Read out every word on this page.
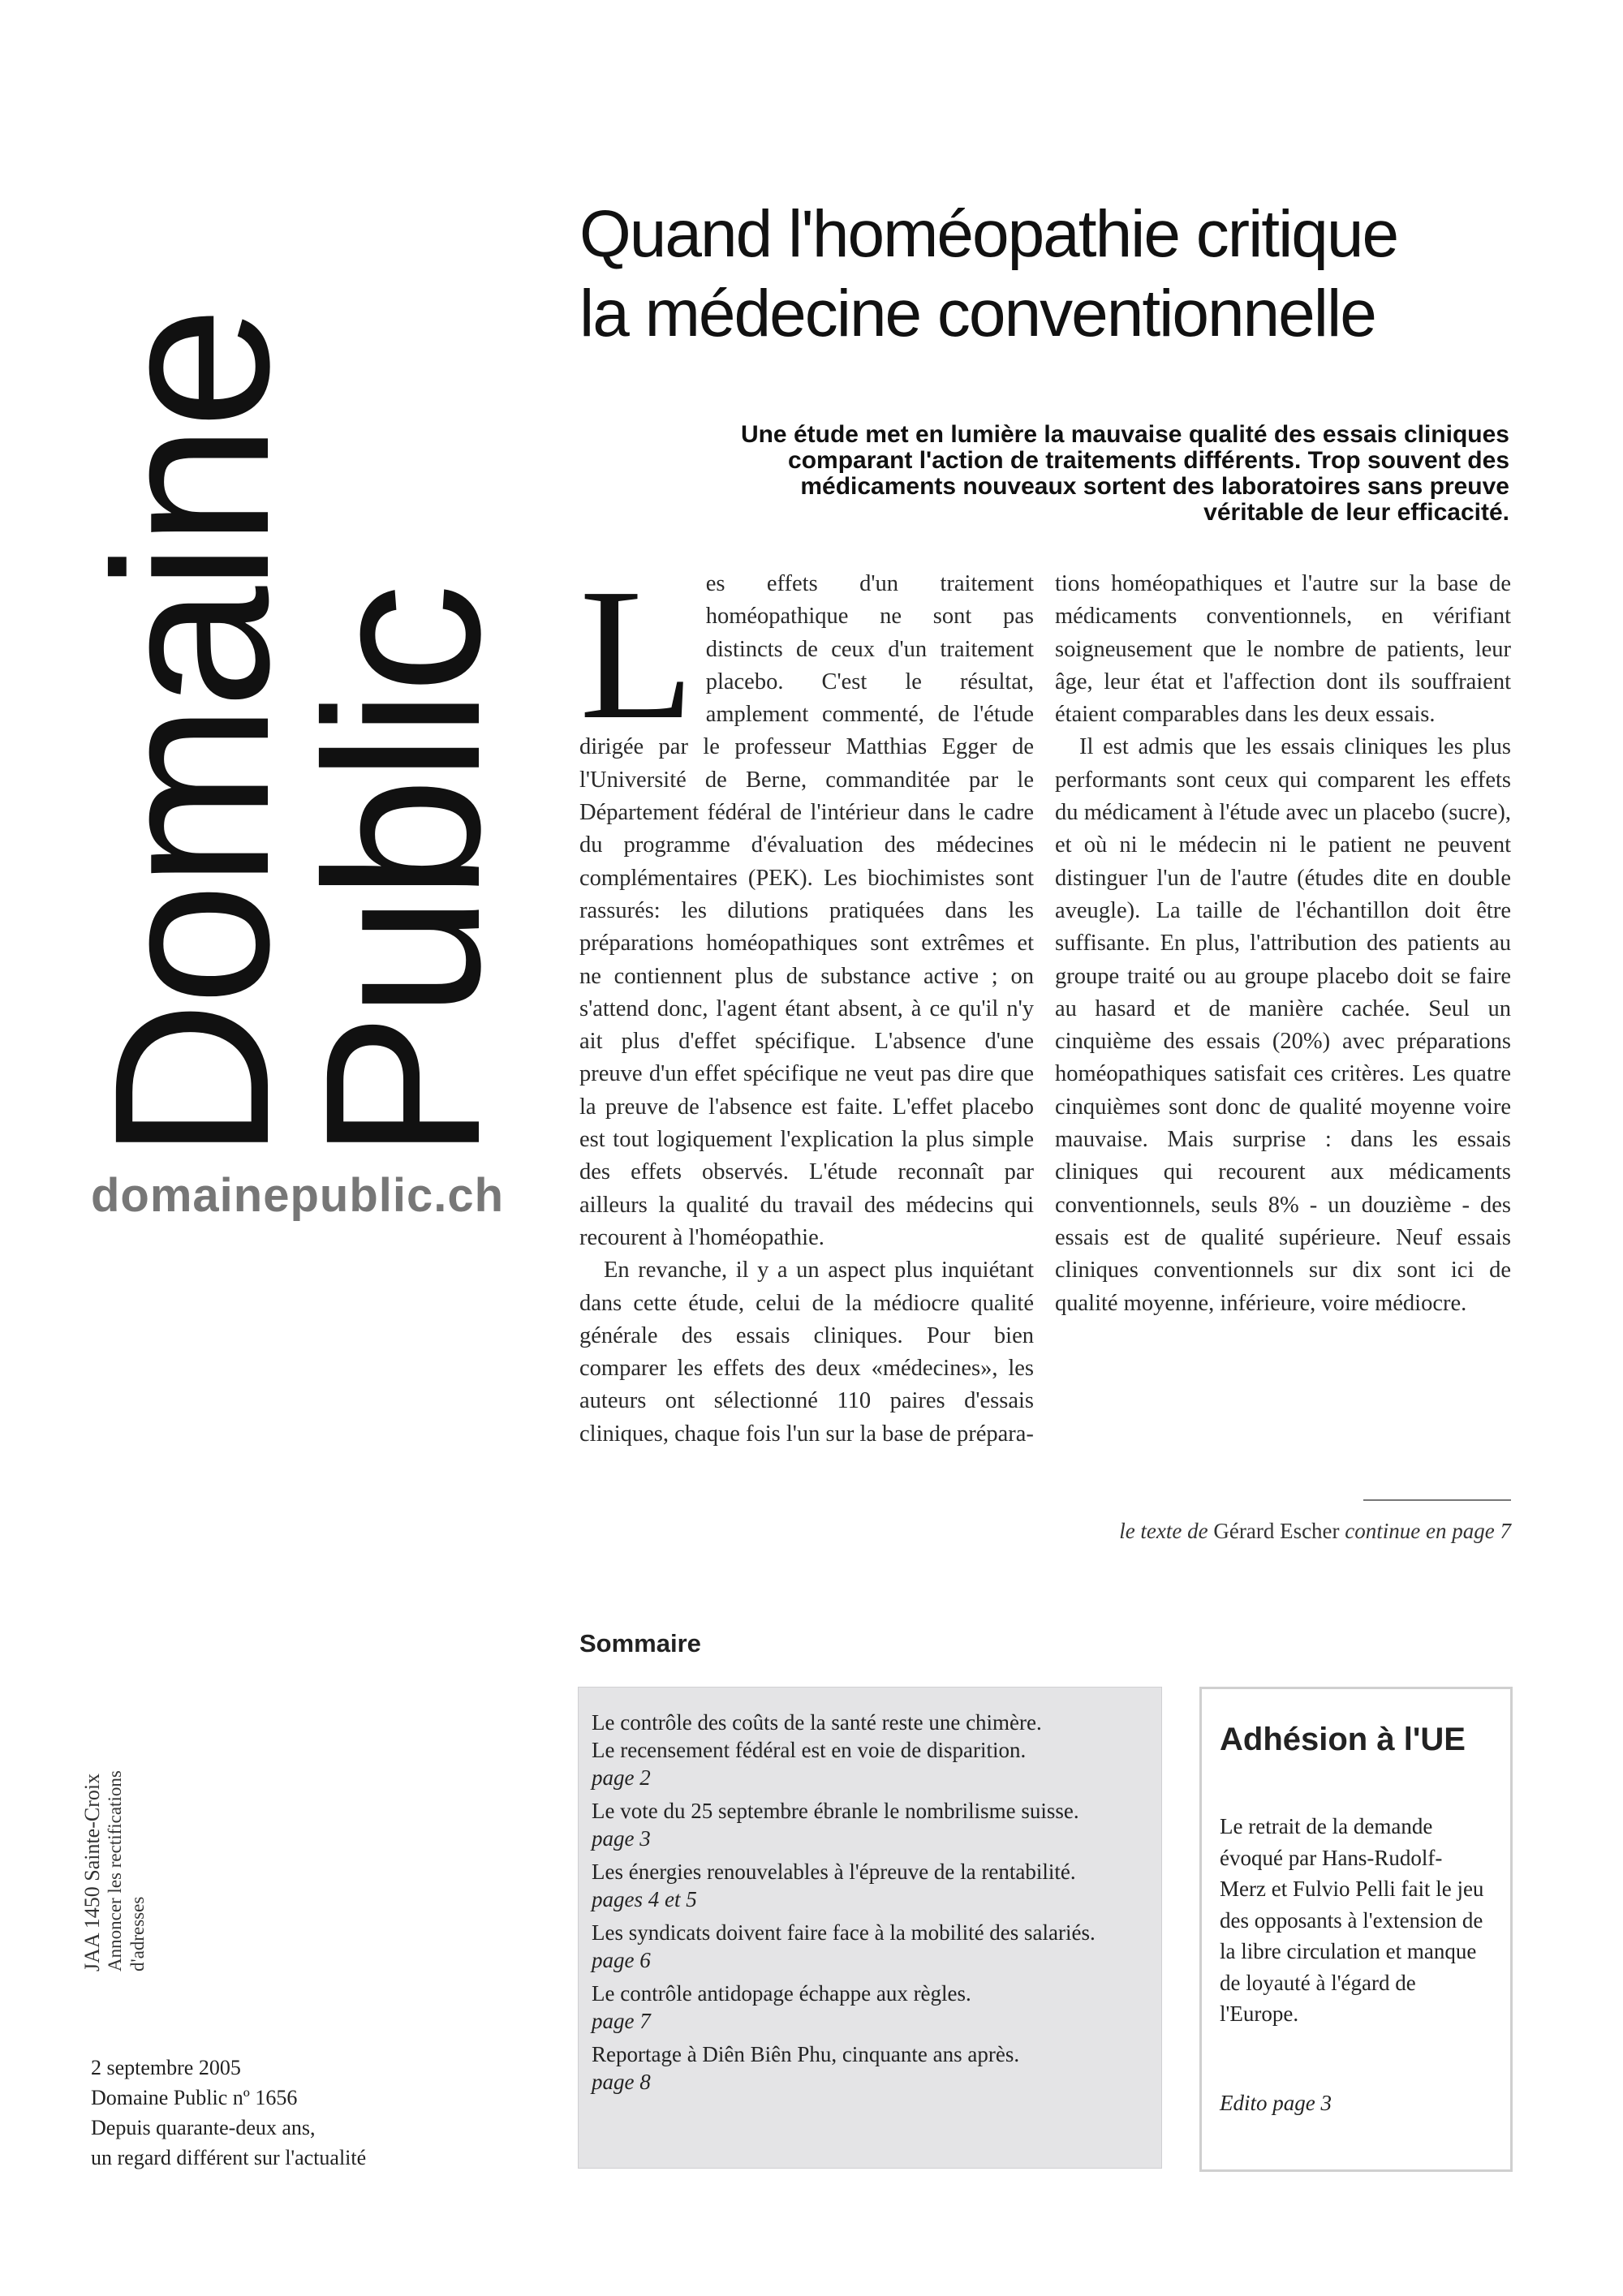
Domaine
Public
domainepublic.ch
JAA 1450 Sainte-Croix Annoncer les rectifications d'adresses
2 septembre 2005
Domaine Public nº 1656
Depuis quarante-deux ans,
un regard différent sur l'actualité
Quand l'homéopathie critique
la médecine conventionnelle
Une étude met en lumière la mauvaise qualité des essais cliniques comparant l'action de traitements différents. Trop souvent des médicaments nouveaux sortent des laboratoires sans preuve véritable de leur efficacité.

Les effets d'un traitement homéopathique ne sont pas distincts de ceux d'un traitement placebo. C'est le résultat, amplement commenté, de l'étude dirigée par le professeur Matthias Egger de l'Université de Berne, commanditée par le Département fédéral de l'intérieur dans le cadre du programme d'évaluation des médecines complémentaires (PEK). Les biochimistes sont rassurés: les dilutions pratiquées dans les préparations homéopathiques sont extrêmes et ne contiennent plus de substance active ; on s'attend donc, l'agent étant absent, à ce qu'il n'y ait plus d'effet spécifique. L'absence d'une preuve d'un effet spécifique ne veut pas dire que la preuve de l'absence est faite. L'effet placebo est tout logiquement l'explication la plus simple des effets observés. L'étude reconnaît par ailleurs la qualité du travail des médecins qui recourent à l'homéopathie.

En revanche, il y a un aspect plus inquiétant dans cette étude, celui de la médiocre qualité générale des essais cliniques. Pour bien comparer les effets des deux «médecines», les auteurs ont sélectionné 110 paires d'essais cliniques, chaque fois l'un sur la base de prépara-

tions homéopathiques et l'autre sur la base de médicaments conventionnels, en vérifiant soigneusement que le nombre de patients, leur âge, leur état et l'affection dont ils souffraient étaient comparables dans les deux essais.

Il est admis que les essais cliniques les plus performants sont ceux qui comparent les effets du médicament à l'étude avec un placebo (sucre), et où ni le médecin ni le patient ne peuvent distinguer l'un de l'autre (études dite en double aveugle). La taille de l'échantillon doit être suffisante. En plus, l'attribution des patients au groupe traité ou au groupe placebo doit se faire au hasard et de manière cachée. Seul un cinquième des essais (20%) avec préparations homéopathiques satisfait ces critères. Les quatre cinquièmes sont donc de qualité moyenne voire mauvaise. Mais surprise : dans les essais cliniques qui recourent aux médicaments conventionnels, seuls 8% - un douzième - des essais est de qualité supérieure. Neuf essais cliniques conventionnels sur dix sont ici de qualité moyenne, inférieure, voire médiocre.

le texte de Gérard Escher continue en page 7
Sommaire
Le contrôle des coûts de la santé reste une chimère.
Le recensement fédéral est en voie de disparition.
page 2
Le vote du 25 septembre ébranle le nombrilisme suisse.
page 3
Les énergies renouvelables à l'épreuve de la rentabilité.
pages 4 et 5
Les syndicats doivent faire face à la mobilité des salariés.
page 6
Le contrôle antidopage échappe aux règles.
page 7
Reportage à Diên Biên Phu, cinquante ans après.
page 8
Adhésion à l'UE
Le retrait de la demande évoqué par Hans-Rudolf-Merz et Fulvio Pelli fait le jeu des opposants à l'extension de la libre circulation et manque de loyauté à l'égard de l'Europe.
Edito page 3
